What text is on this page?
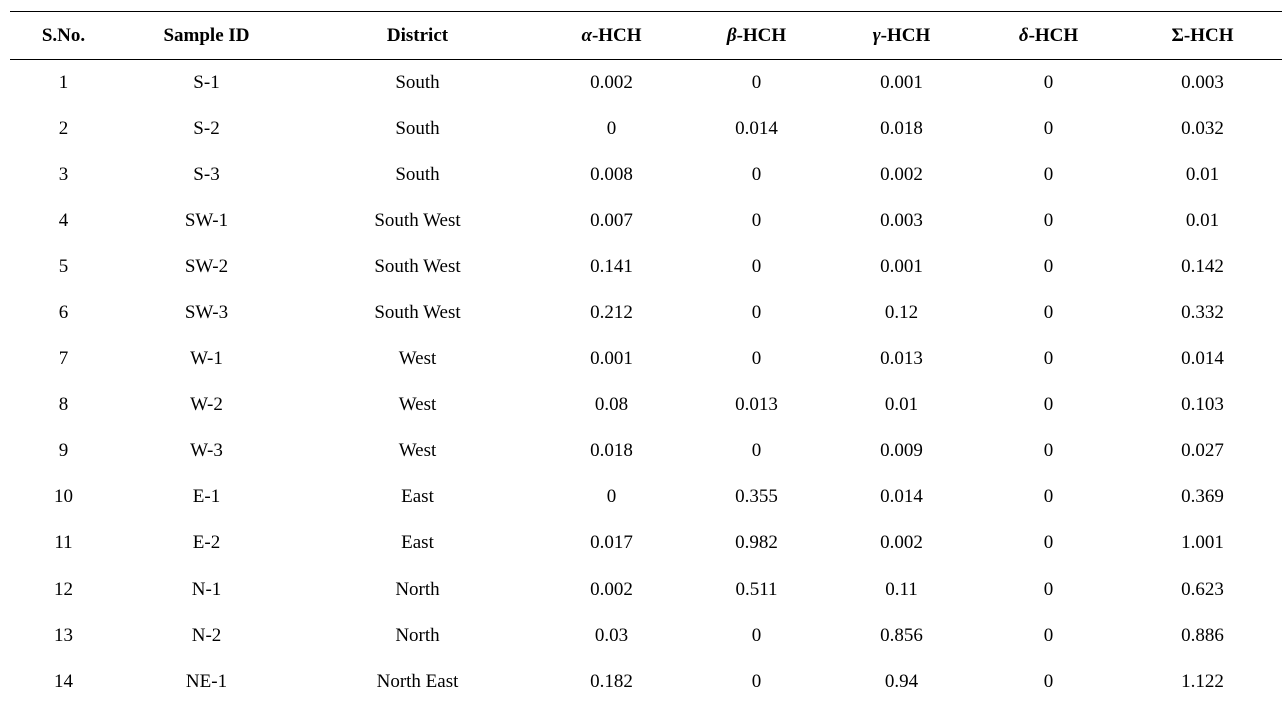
S.No.	Sample ID	District	α-HCH	β-HCH	γ-HCH	δ-HCH	Σ-HCH
1	S-1	South	0.002	0	0.001	0	0.003
2	S-2	South	0	0.014	0.018	0	0.032
3	S-3	South	0.008	0	0.002	0	0.01
4	SW-1	South West	0.007	0	0.003	0	0.01
5	SW-2	South West	0.141	0	0.001	0	0.142
6	SW-3	South West	0.212	0	0.12	0	0.332
7	W-1	West	0.001	0	0.013	0	0.014
8	W-2	West	0.08	0.013	0.01	0	0.103
9	W-3	West	0.018	0	0.009	0	0.027
10	E-1	East	0	0.355	0.014	0	0.369
11	E-2	East	0.017	0.982	0.002	0	1.001
12	N-1	North	0.002	0.511	0.11	0	0.623
13	N-2	North	0.03	0	0.856	0	0.886
14	NE-1	North East	0.182	0	0.94	0	1.122
